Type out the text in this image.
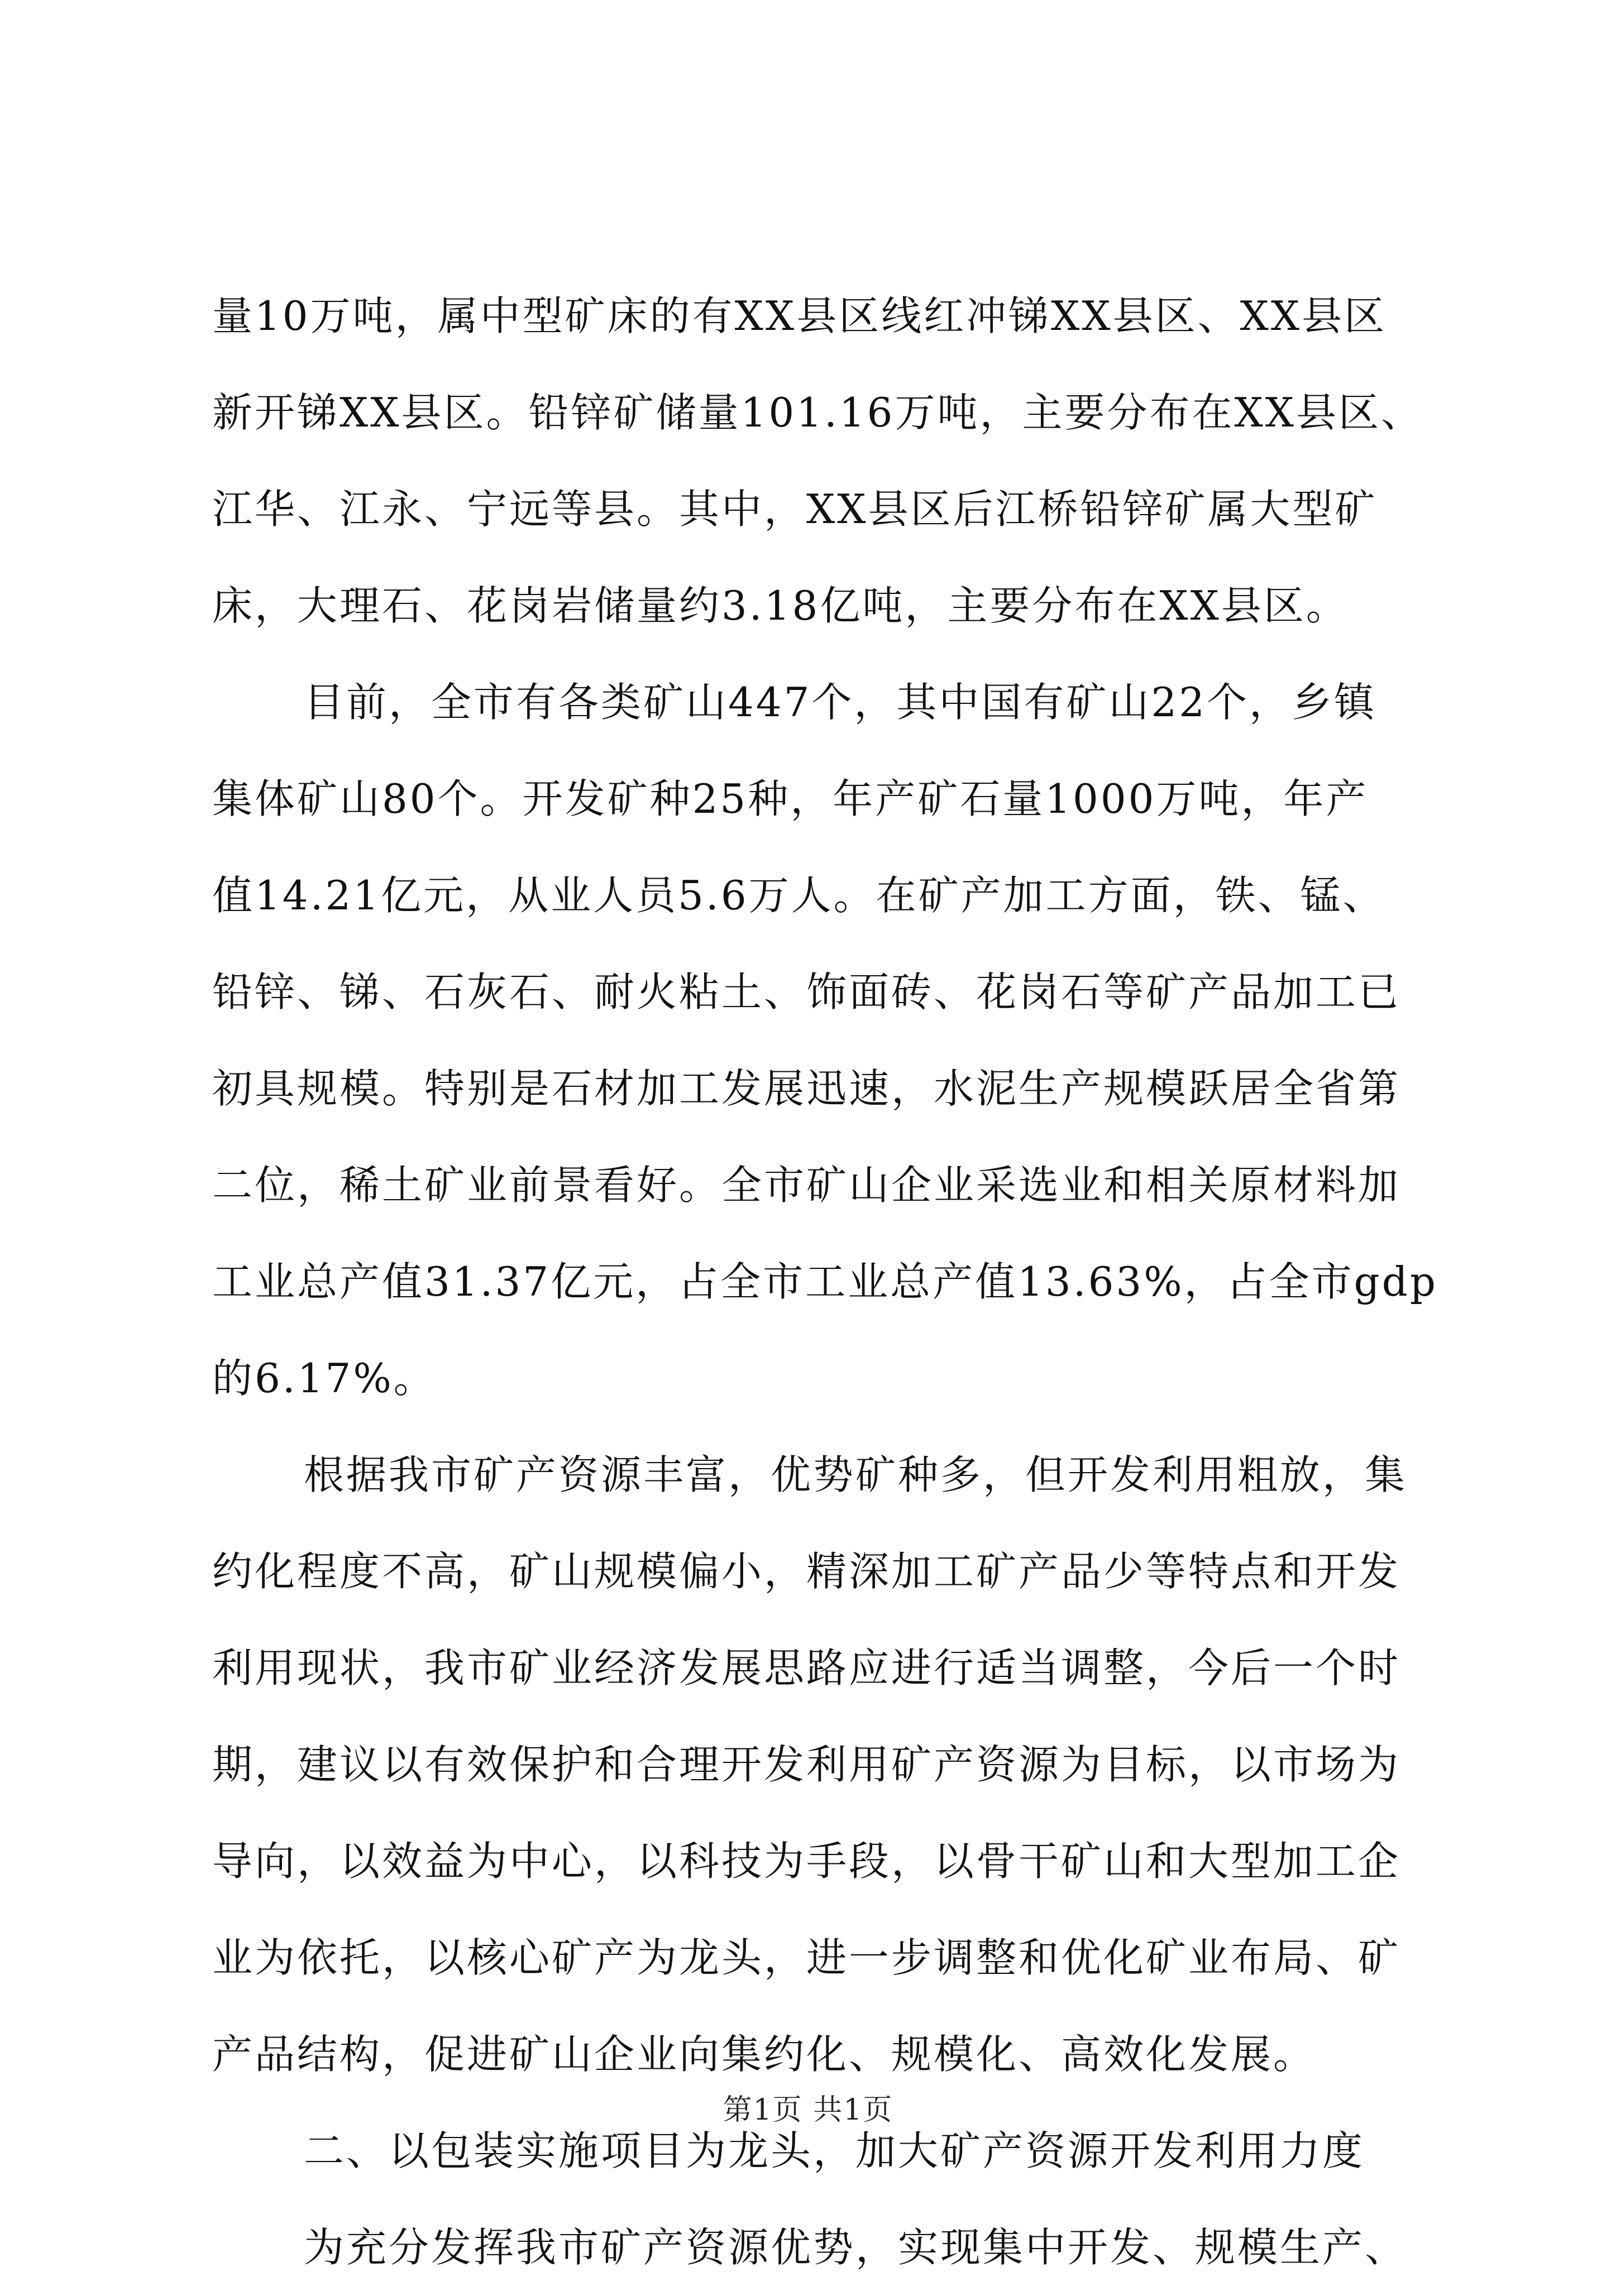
量10万吨，属中型矿床的有XX县区线红冲锑XX县区、XX县区
新开锑XX县区。铅锌矿储量101.16万吨，主要分布在XX县区、
江华、江永、宁远等县。其中，XX县区后江桥铅锌矿属大型矿
床，大理石、花岗岩储量约3.18亿吨，主要分布在XX县区。
目前，全市有各类矿山447个，其中国有矿山22个，乡镇
集体矿山80个。开发矿种25种，年产矿石量1000万吨，年产
值14.21亿元，从业人员5.6万人。在矿产加工方面，铁、锰、
铅锌、锑、石灰石、耐火粘土、饰面砖、花岗石等矿产品加工已
初具规模。特别是石材加工发展迅速，水泥生产规模跃居全省第
二位，稀土矿业前景看好。全市矿山企业采选业和相关原材料加
工业总产值31.37亿元，占全市工业总产值13.63%，占全市gdp
的6.17%。
根据我市矿产资源丰富，优势矿种多，但开发利用粗放，集
约化程度不高，矿山规模偏小，精深加工矿产品少等特点和开发
利用现状，我市矿业经济发展思路应进行适当调整，今后一个时
期，建议以有效保护和合理开发利用矿产资源为目标，以市场为
导向，以效益为中心，以科技为手段，以骨干矿山和大型加工企
业为依托，以核心矿产为龙头，进一步调整和优化矿业布局、矿
产品结构，促进矿山企业向集约化、规模化、高效化发展。
二、以包装实施项目为龙头，加大矿产资源开发利用力度
为充分发挥我市矿产资源优势，实现集中开发、规模生产、
第1页 共1页
